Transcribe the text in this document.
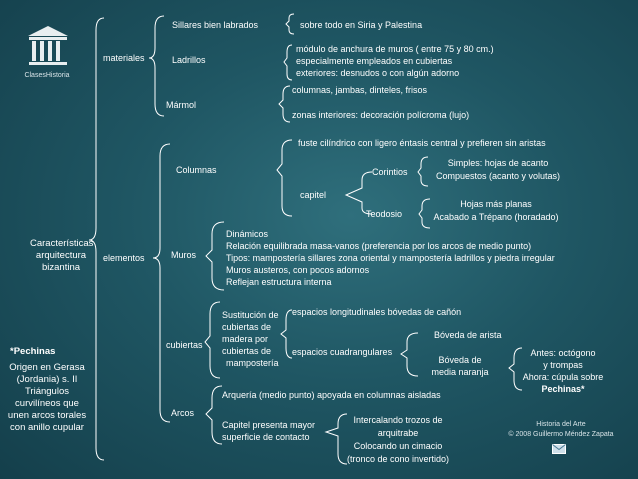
ClasesHistoria
Características arquitectura bizantina
*Pechinas
Origen en Gerasa (Jordania) s. II Triángulos curvilíneos que unen arcos torales con anillo cupular
materiales
elementos
Sillares bien labrados	sobre todo en Siria y Palestina
Ladrillos
módulo de anchura de muros ( entre 75 y 80 cm.)
especialmente empleados en cubiertas
exteriores: desnudos o con algún adorno
Mármol
columnas, jambas, dinteles, frisos
zonas interiores: decoración polícroma (lujo)
Columnas
fuste cilíndrico con ligero éntasis central y prefieren sin aristas
capitel
Corintios
Simples: hojas de acanto
Compuestos (acanto y volutas)
Teodosio
Hojas más planas
Acabado a Trépano (horadado)
Muros
Dinámicos
Relación equilibrada masa-vanos (preferencia por los arcos de medio punto)
Tipos: mampostería sillares zona oriental y mampostería ladrillos y piedra irregular
Muros austeros, con pocos adornos
Reflejan estructura interna
cubiertas
Sustitución de
cubiertas de
madera por
cubiertas de
mampostería
espacios longitudinales bóvedas de cañón
espacios cuadrangulares
Bóveda de arista
Bóveda de
media naranja
Antes: octógono
y trompas
Ahora: cúpula sobre
Pechinas*
Arcos
Arquería (medio punto) apoyada en columnas aisladas
Capitel presenta mayor
superficie de contacto
Intercalando trozos de
arquitrabe
Colocando un cimacio
(tronco de cono invertido)
Historia del Arte
© 2008 Guillermo Méndez Zapata
